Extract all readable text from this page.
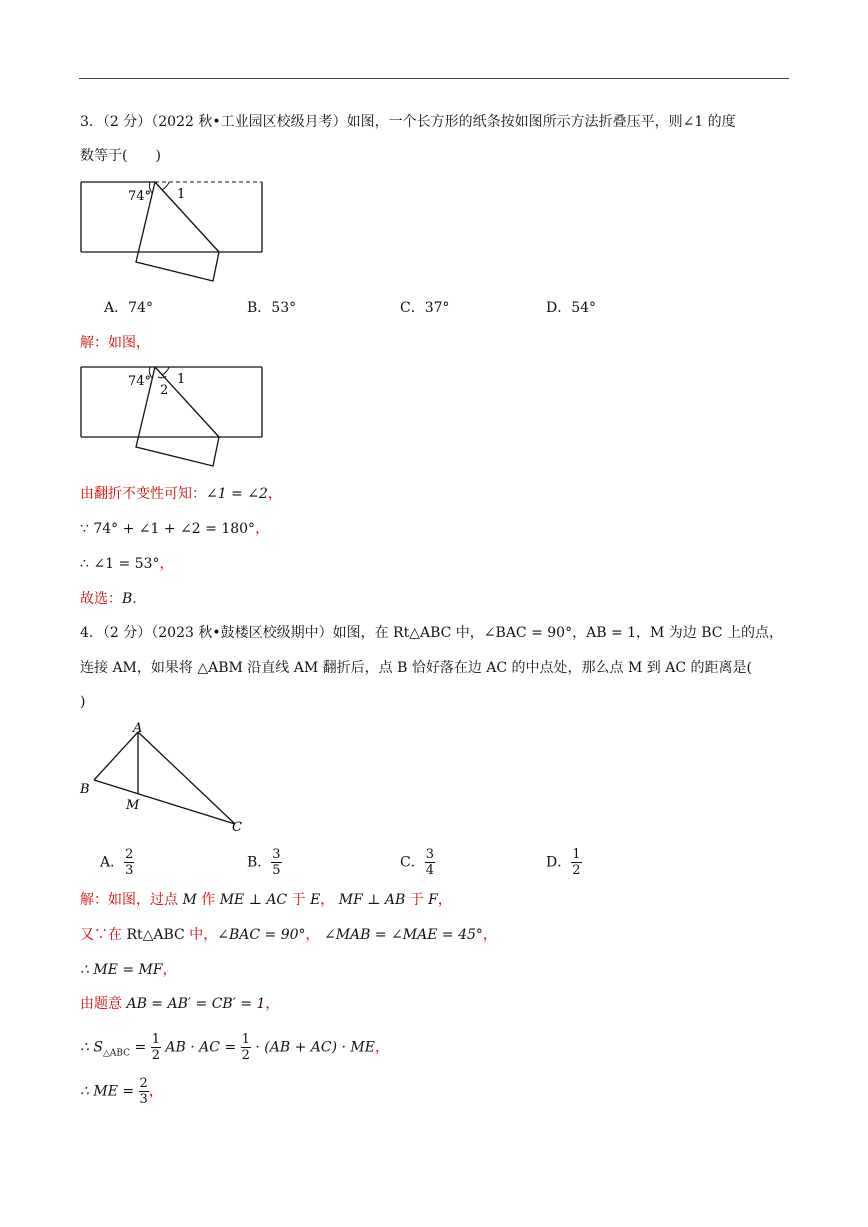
3．（2 分）（2022 秋•工业园区校级月考）如图，一个长方形的纸条按如图所示方法折叠压平，则∠1 的度
数等于(　　)
74° 1
A．74°	B．53°	C．37°	D．54°
解：如图，
74° 1
2
由翻折不变性可知：∠1 = ∠2，
∵ 74° + ∠1 + ∠2 = 180°，
∴ ∠1 = 53°，
故选：B．
4．（2 分）（2023 秋•鼓楼区校级期中）如图，在 Rt△ABC 中，∠BAC = 90°，AB = 1，M 为边 BC 上的点，
连接 AM，如果将 △ABM 沿直线 AM 翻折后，点 B 恰好落在边 AC 的中点处，那么点 M 到 AC 的距离是(
)
A
B
M
C
A． $\frac{2}{3}$	B． $\frac{3}{5}$	C． $\frac{3}{4}$	D． $\frac{1}{2}$
解：如图，过点 M 作 ME ⊥ AC 于 E， MF ⊥ AB 于 F，
又∵在 Rt△ABC 中，∠BAC = 90°， ∠MAB = ∠MAE = 45°，
∴ ME = MF，
由题意 AB = AB′ = CB′ = 1，
∴ $S_{\triangle ABC} = \frac{1}{2}$ AB · AC = $\frac{1}{2} \cdot (AB + AC)$ · ME，
∴ ME = $\frac{2}{3}$ ，
